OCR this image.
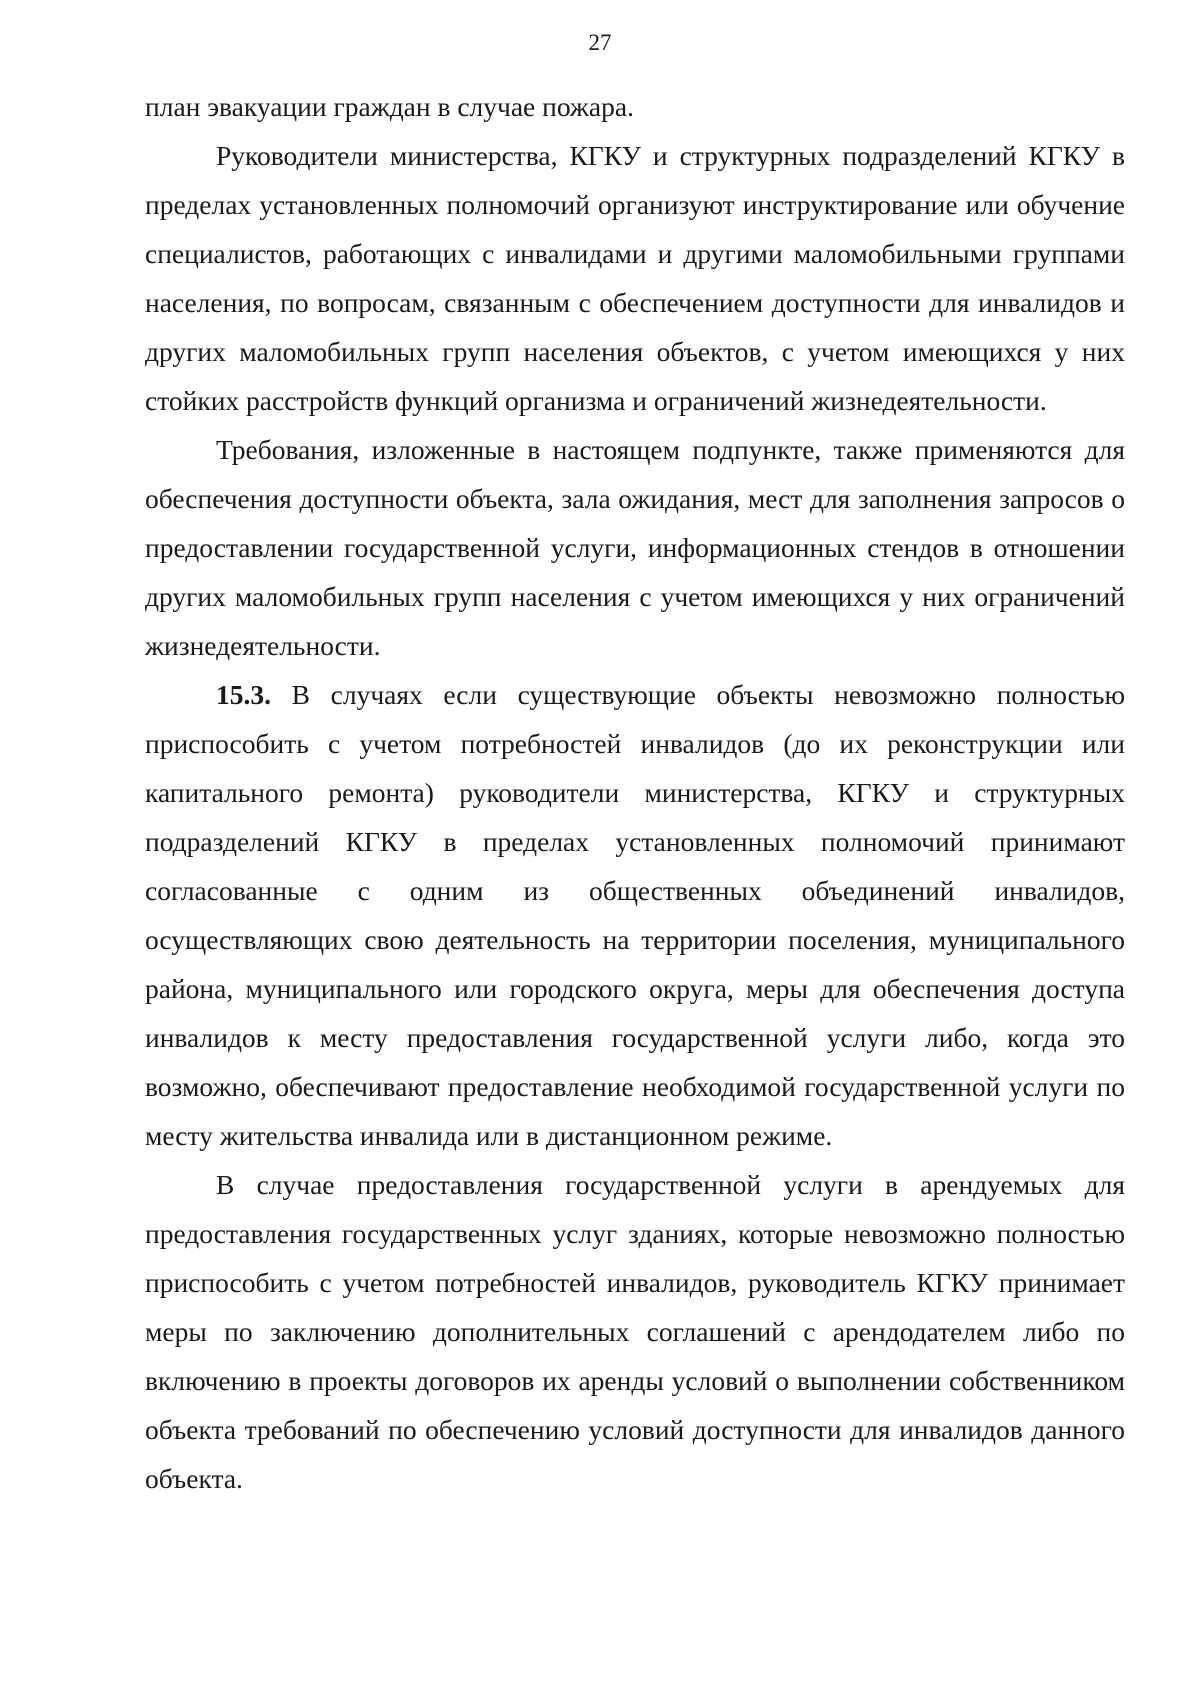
27

план эвакуации граждан в случае пожара.

Руководители министерства, КГКУ и структурных подразделений КГКУ в пределах установленных полномочий организуют инструктирование или обучение специалистов, работающих с инвалидами и другими маломобильными группами населения, по вопросам, связанным с обеспечением доступности для инвалидов и других маломобильных групп населения объектов, с учетом имеющихся у них стойких расстройств функций организма и ограничений жизнедеятельности.

Требования, изложенные в настоящем подпункте, также применяются для обеспечения доступности объекта, зала ожидания, мест для заполнения запросов о предоставлении государственной услуги, информационных стендов в отношении других маломобильных групп населения с учетом имеющихся у них ограничений жизнедеятельности.

15.3. В случаях если существующие объекты невозможно полностью приспособить с учетом потребностей инвалидов (до их реконструкции или капитального ремонта) руководители министерства, КГКУ и структурных подразделений КГКУ в пределах установленных полномочий принимают согласованные с одним из общественных объединений инвалидов, осуществляющих свою деятельность на территории поселения, муниципального района, муниципального или городского округа, меры для обеспечения доступа инвалидов к месту предоставления государственной услуги либо, когда это возможно, обеспечивают предоставление необходимой государственной услуги по месту жительства инвалида или в дистанционном режиме.

В случае предоставления государственной услуги в арендуемых для предоставления государственных услуг зданиях, которые невозможно полностью приспособить с учетом потребностей инвалидов, руководитель КГКУ принимает меры по заключению дополнительных соглашений с арендодателем либо по включению в проекты договоров их аренды условий о выполнении собственником объекта требований по обеспечению условий доступности для инвалидов данного объекта.
